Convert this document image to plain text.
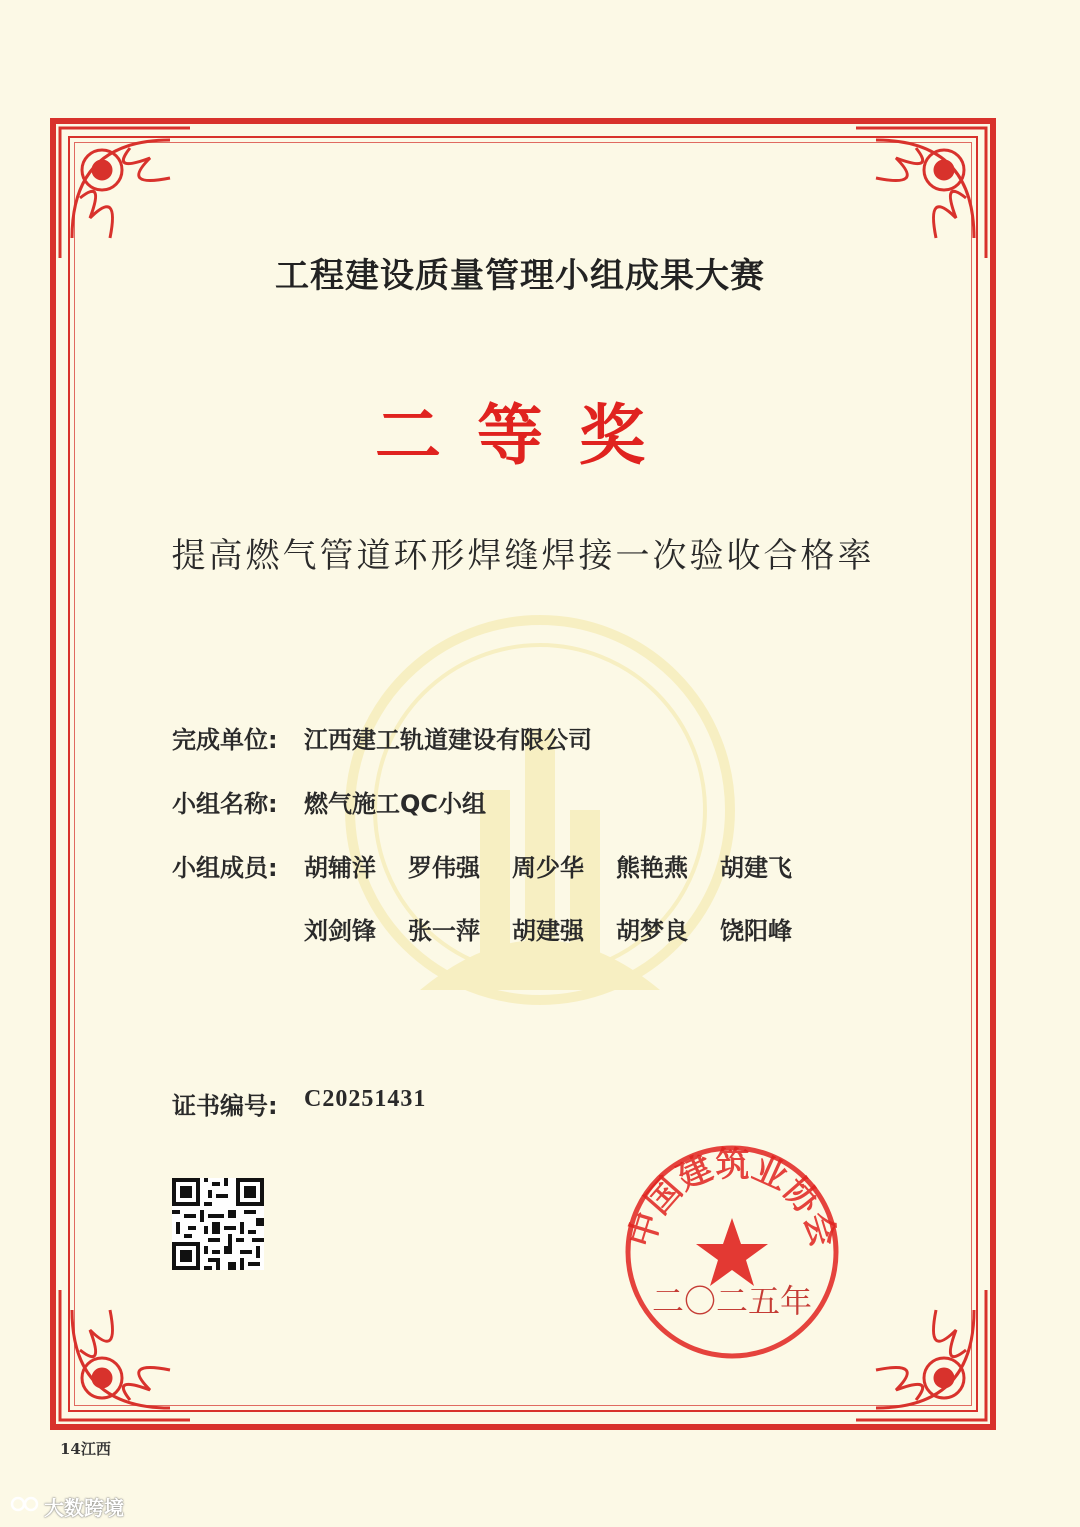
工程建设质量管理小组成果大赛
二等奖
提高燃气管道环形焊缝焊接一次验收合格率
完成单位:	江西建工轨道建设有限公司
小组名称:	燃气施工QC小组
小组成员:	胡辅洋	罗伟强	周少华	熊艳燕	胡建飞
刘剑锋	张一萍	胡建强	胡梦良	饶阳峰
证书编号:	C20251431
中国建筑业协会
二〇二五年
14江西
大数跨境
